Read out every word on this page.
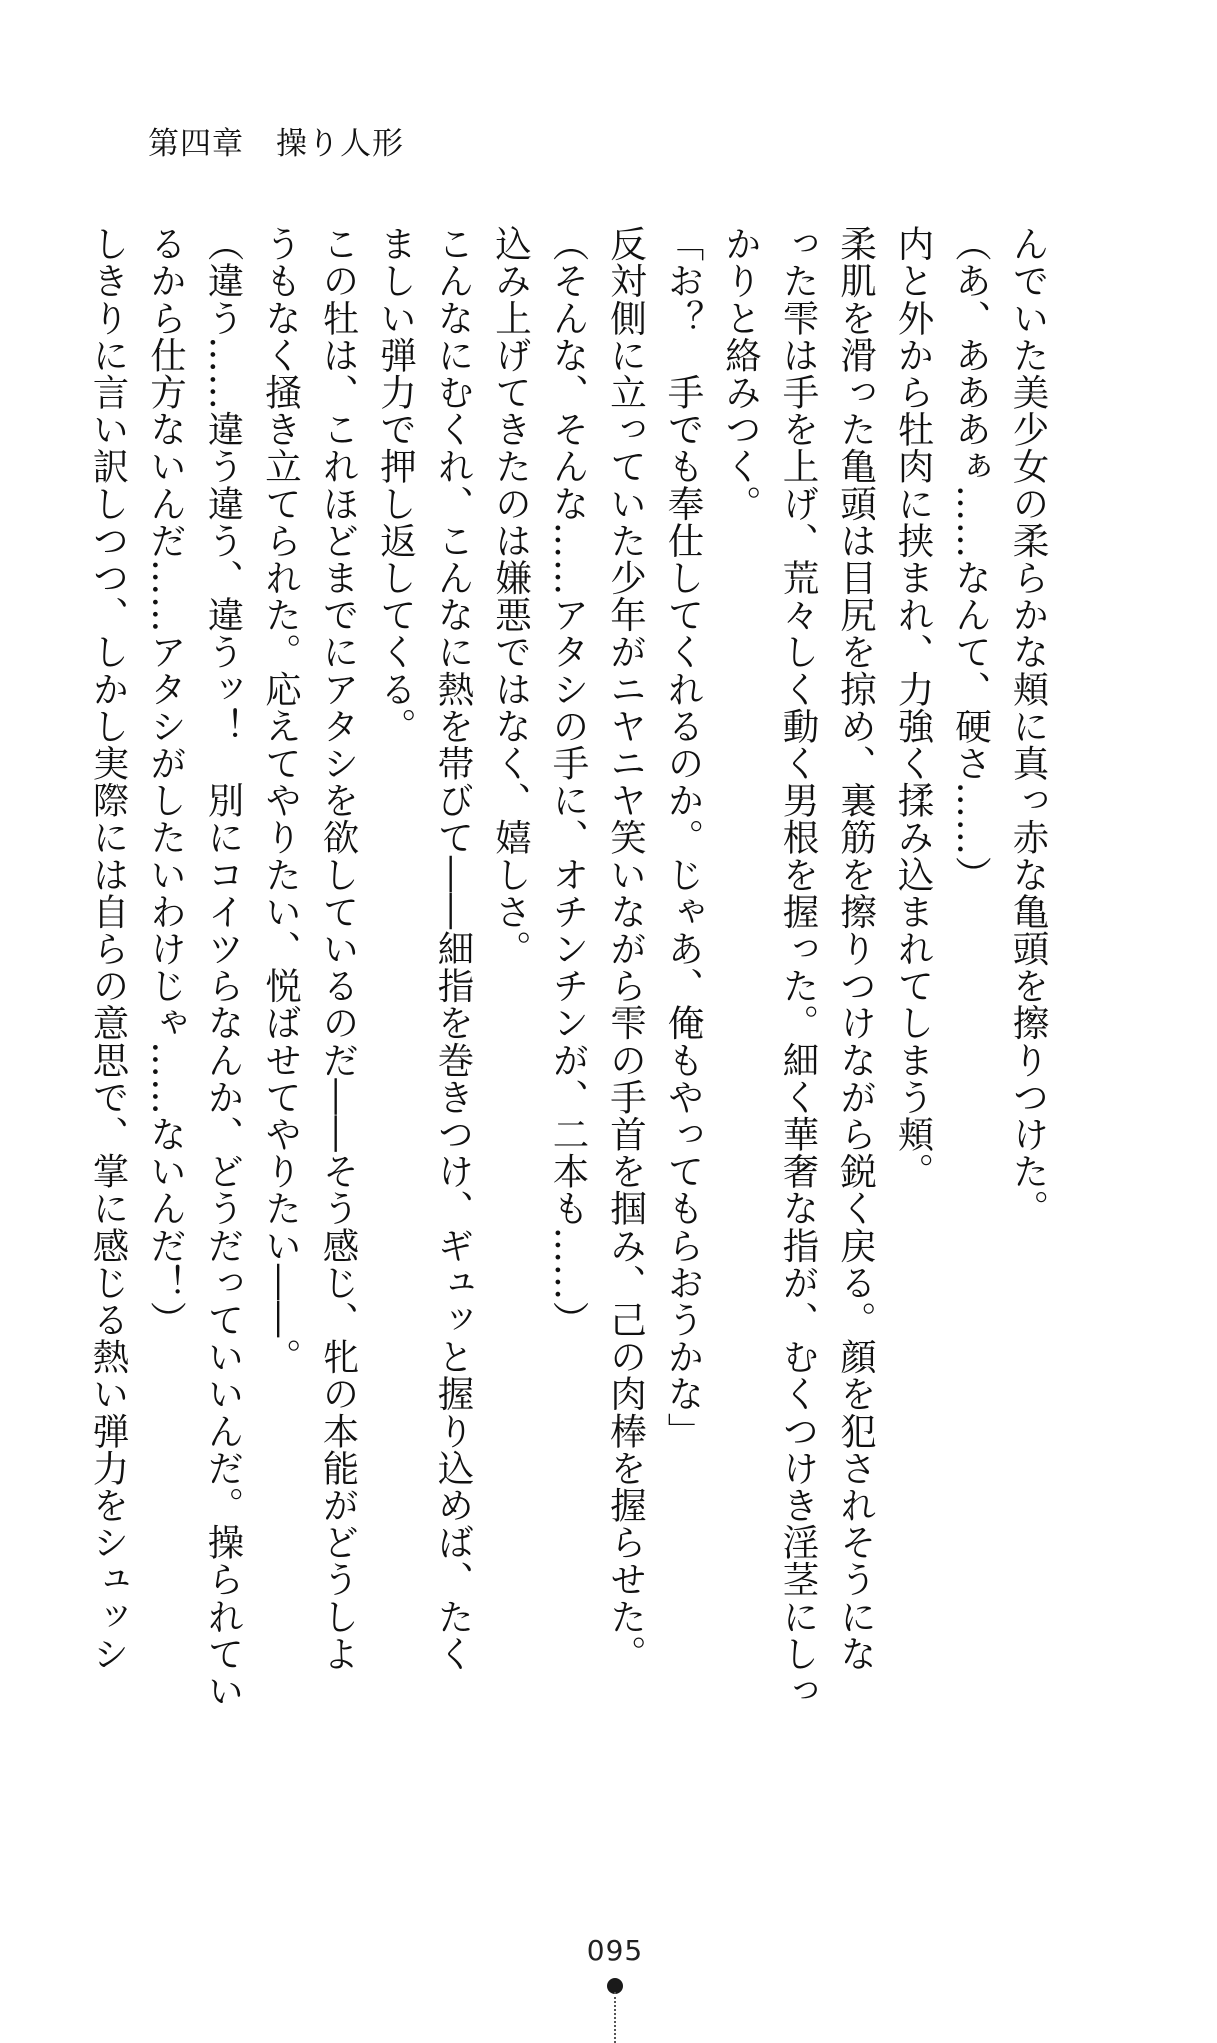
第四章　操り人形
んでいた美少女の柔らかな頬に真っ赤な亀頭を擦りつけた。
（あ、あああぁ……なんて、硬さ……）
内と外から牡肉に挟まれ、力強く揉み込まれてしまう頬。
柔肌を滑った亀頭は目尻を掠め、裏筋を擦りつけながら鋭く戻る。顔を犯されそうにな
った雫は手を上げ、荒々しく動く男根を握った。細く華奢な指が、むくつけき淫茎にしっ
かりと絡みつく。
「お？　手でも奉仕してくれるのか。じゃあ、俺もやってもらおうかな」
反対側に立っていた少年がニヤニヤ笑いながら雫の手首を掴み、己の肉棒を握らせた。
（そんな、そんな……アタシの手に、オチンチンが、二本も……）
込み上げてきたのは嫌悪ではなく、嬉しさ。
こんなにむくれ、こんなに熱を帯びて――細指を巻きつけ、ギュッと握り込めば、たく
ましい弾力で押し返してくる。
この牡は、これほどまでにアタシを欲しているのだ――そう感じ、牝の本能がどうしよ
うもなく掻き立てられた。応えてやりたい、悦ばせてやりたい――。
（違う……違う違う、違うッ！　別にコイツらなんか、どうだっていいんだ。操られてい
るから仕方ないんだ……アタシがしたいわけじゃ……ないんだ！）
しきりに言い訳しつつ、しかし実際には自らの意思で、掌に感じる熱い弾力をシュッシ
095
